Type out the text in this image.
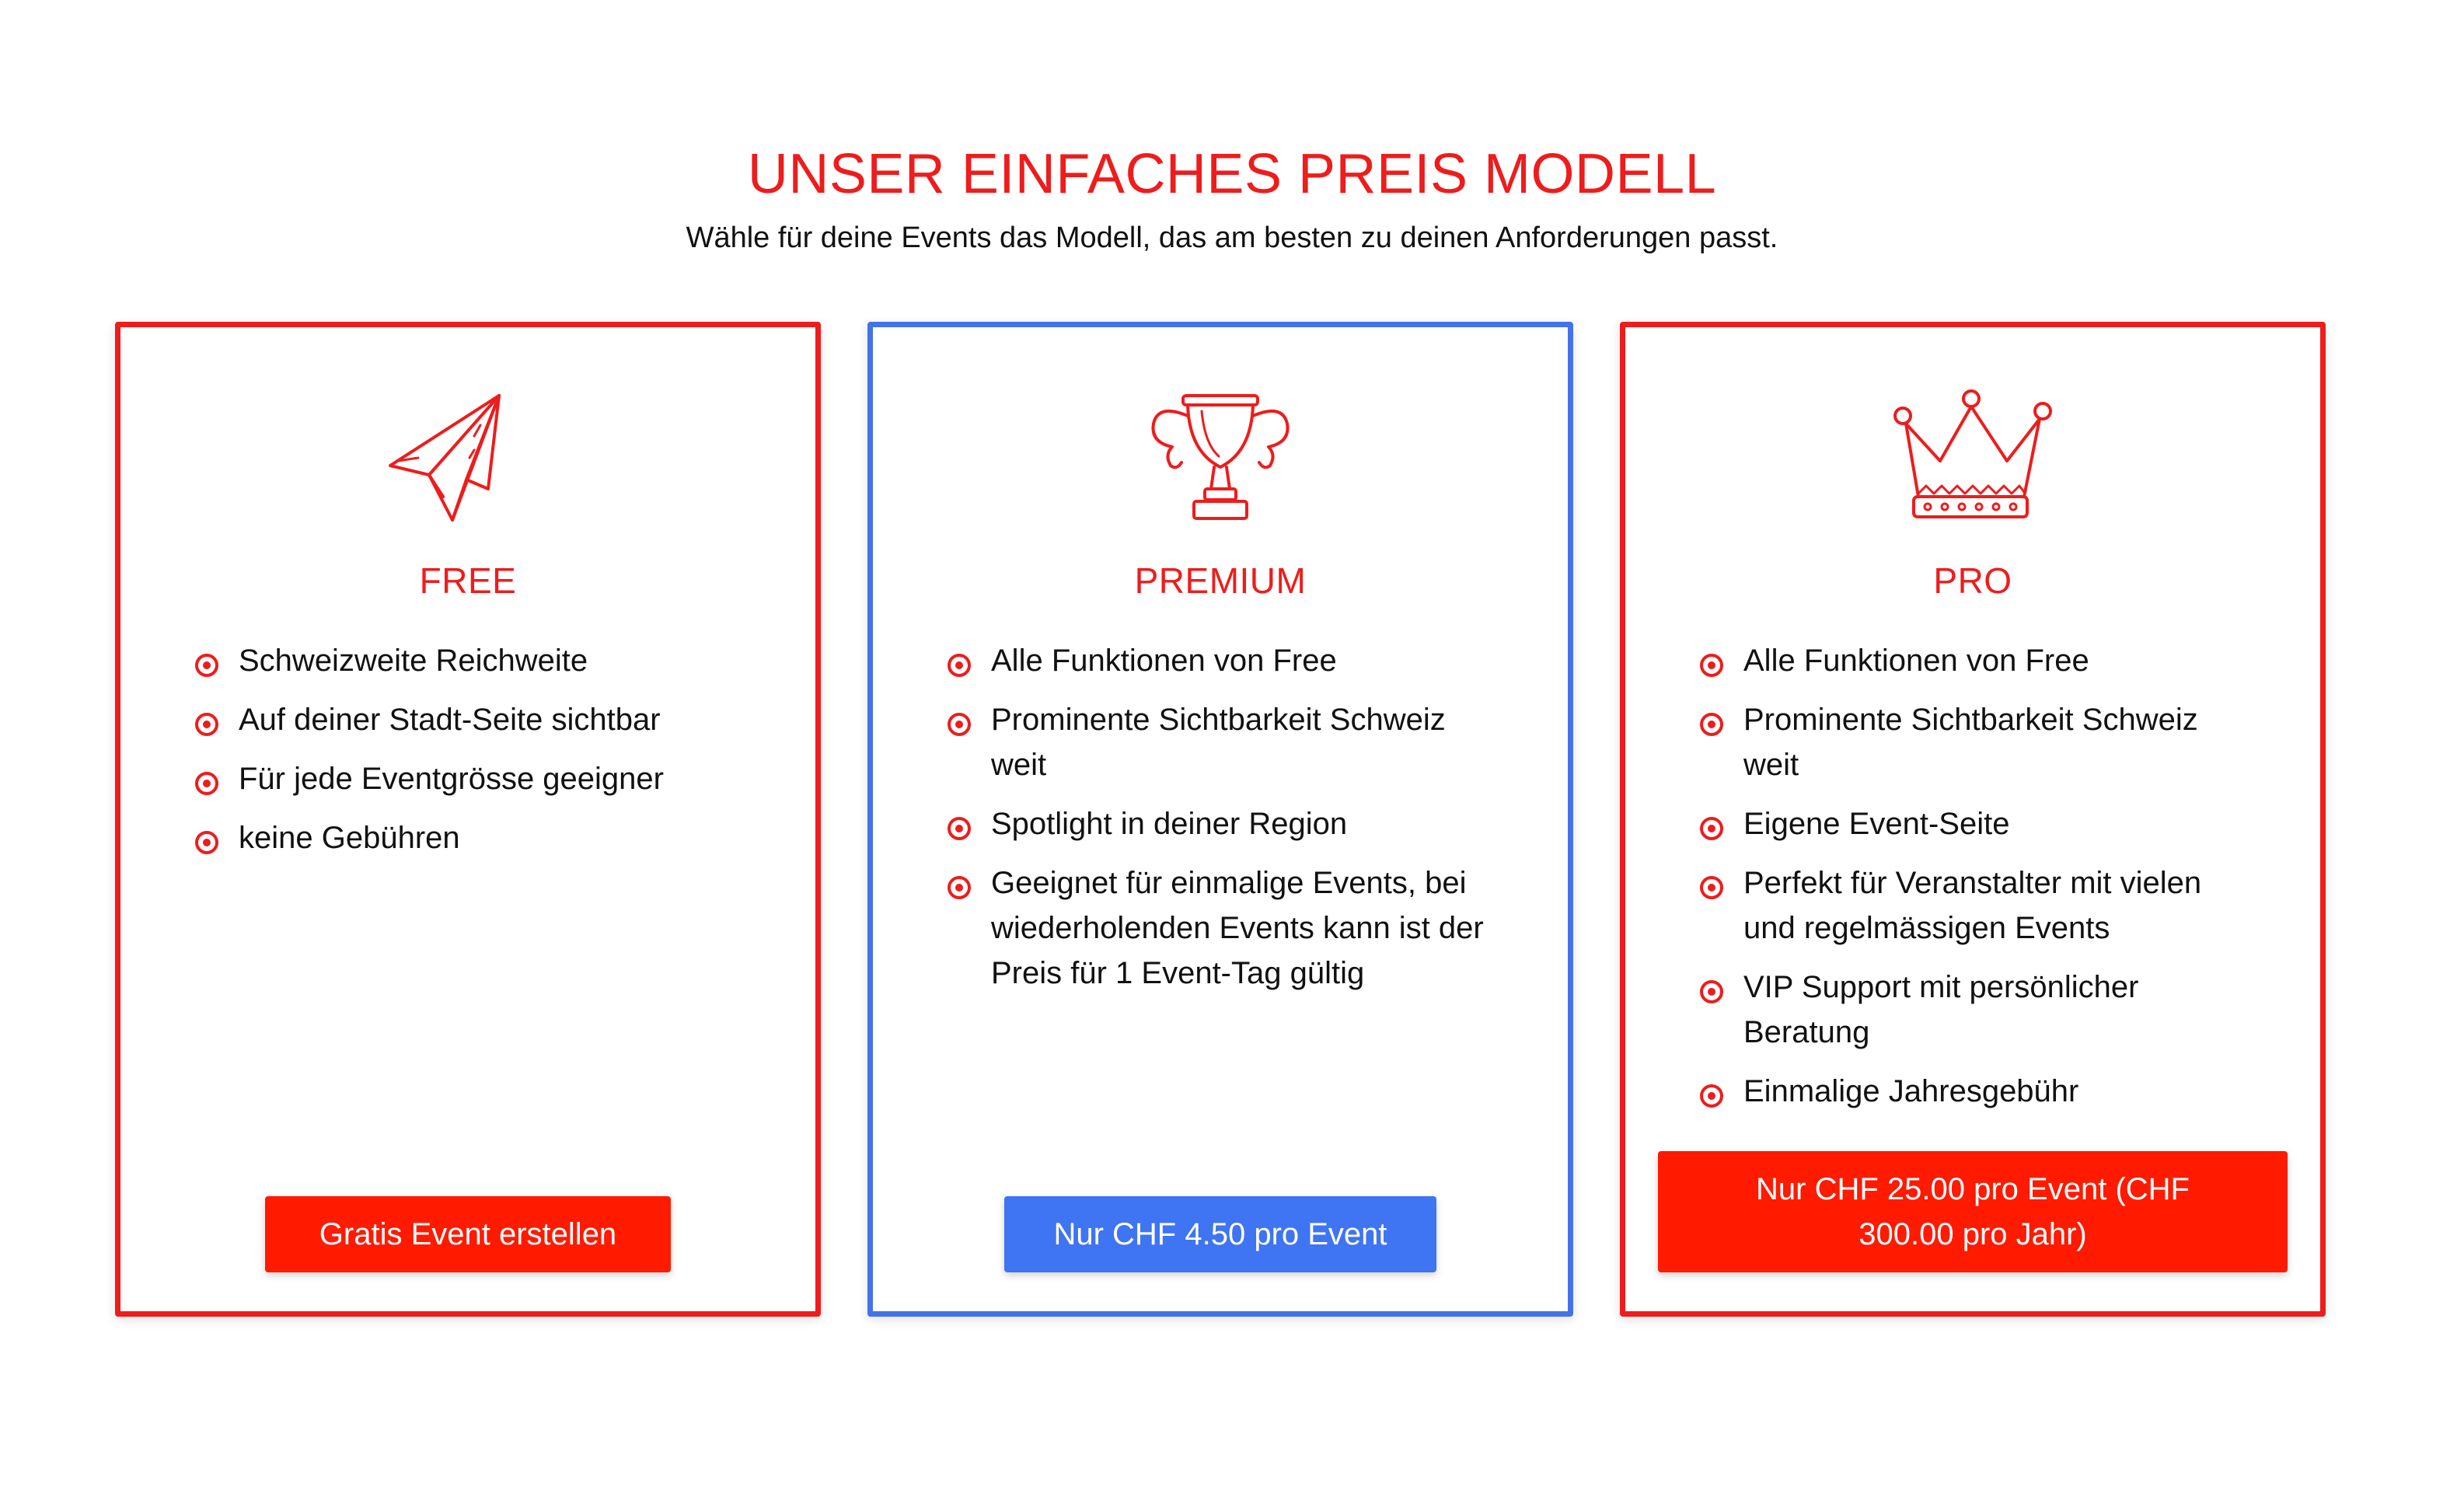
UNSER EINFACHES PREIS MODELL
Wähle für deine Events das Modell, das am besten zu deinen Anforderungen passt.
FREE
Schweizweite Reichweite
Auf deiner Stadt-Seite sichtbar
Für jede Eventgrösse geeigner
keine Gebühren
Gratis Event erstellen
PREMIUM
Alle Funktionen von Free
Prominente Sichtbarkeit Schweiz weit
Spotlight in deiner Region
Geeignet für einmalige Events, bei wiederholenden Events kann ist der Preis für 1 Event-Tag gültig
Nur CHF 4.50 pro Event
PRO
Alle Funktionen von Free
Prominente Sichtbarkeit Schweiz weit
Eigene Event-Seite
Perfekt für Veranstalter mit vielen und regelmässigen Events
VIP Support mit persönlicher Beratung
Einmalige Jahresgebühr
Nur CHF 25.00 pro Event (CHF 300.00 pro Jahr)
